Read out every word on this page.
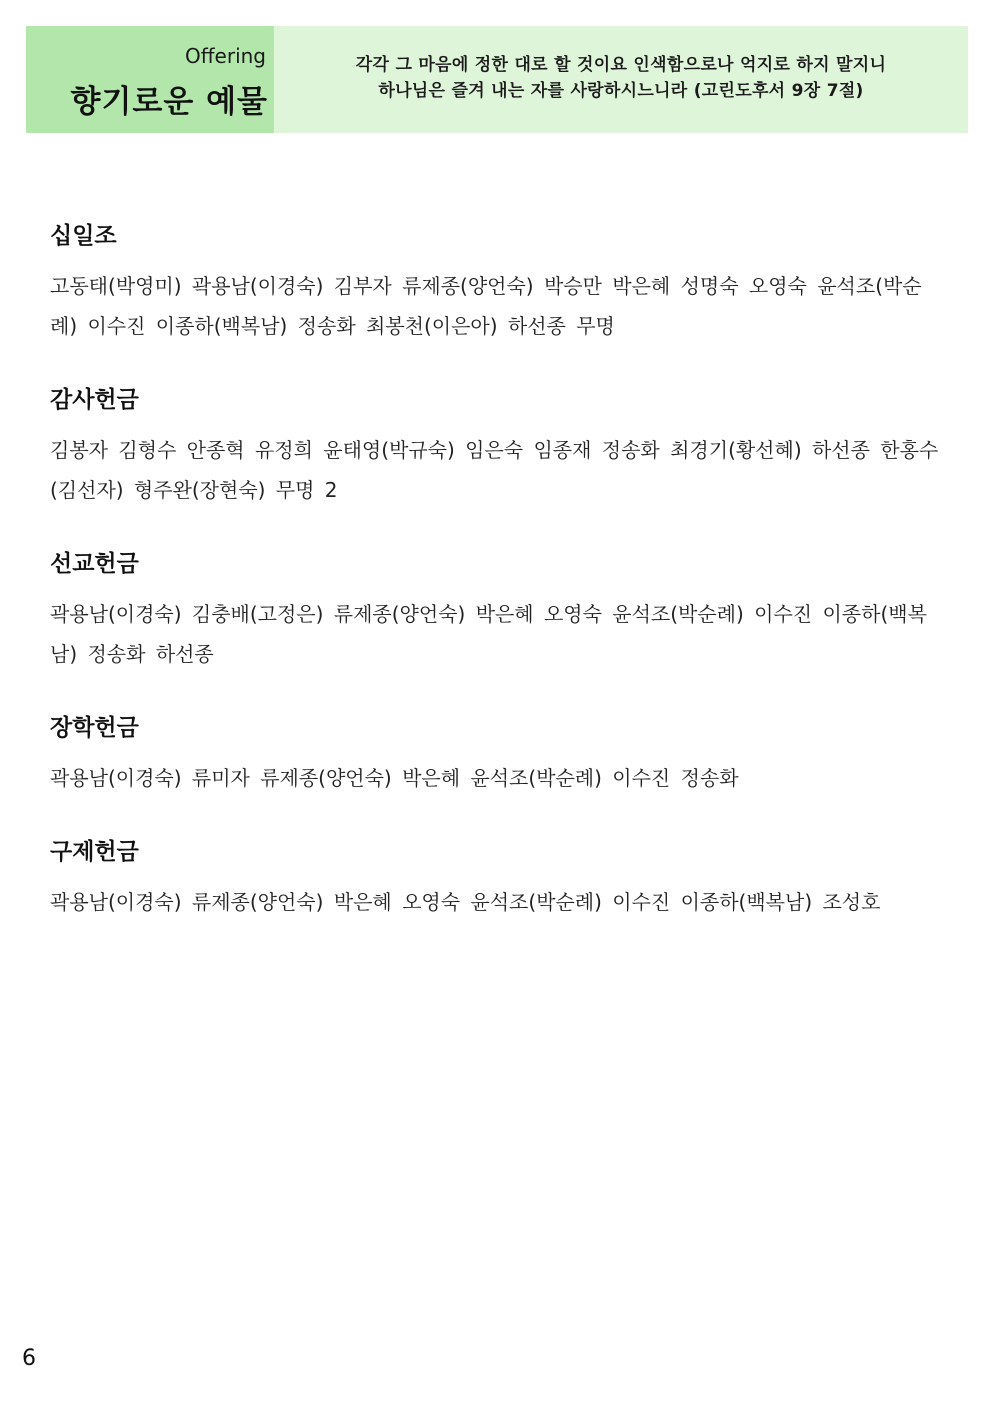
Offering
향기로운 예물
각각 그 마음에 정한 대로 할 것이요 인색함으로나 억지로 하지 말지니
하나님은 즐겨 내는 자를 사랑하시느니라 (고린도후서 9장 7절)
십일조
고동태(박영미) 곽용남(이경숙) 김부자 류제종(양언숙) 박승만 박은혜 성명숙 오영숙 윤석조(박순례) 이수진 이종하(백복남) 정송화 최봉천(이은아) 하선종 무명
감사헌금
김봉자 김형수 안종혁 유정희 윤태영(박규숙) 임은숙 임종재 정송화 최경기(황선혜) 하선종 한홍수(김선자) 형주완(장현숙) 무명 2
선교헌금
곽용남(이경숙) 김충배(고정은) 류제종(양언숙) 박은혜 오영숙 윤석조(박순례) 이수진 이종하(백복남) 정송화 하선종
장학헌금
곽용남(이경숙) 류미자 류제종(양언숙) 박은혜 윤석조(박순례) 이수진 정송화
구제헌금
곽용남(이경숙) 류제종(양언숙) 박은혜 오영숙 윤석조(박순례) 이수진 이종하(백복남) 조성호
6
